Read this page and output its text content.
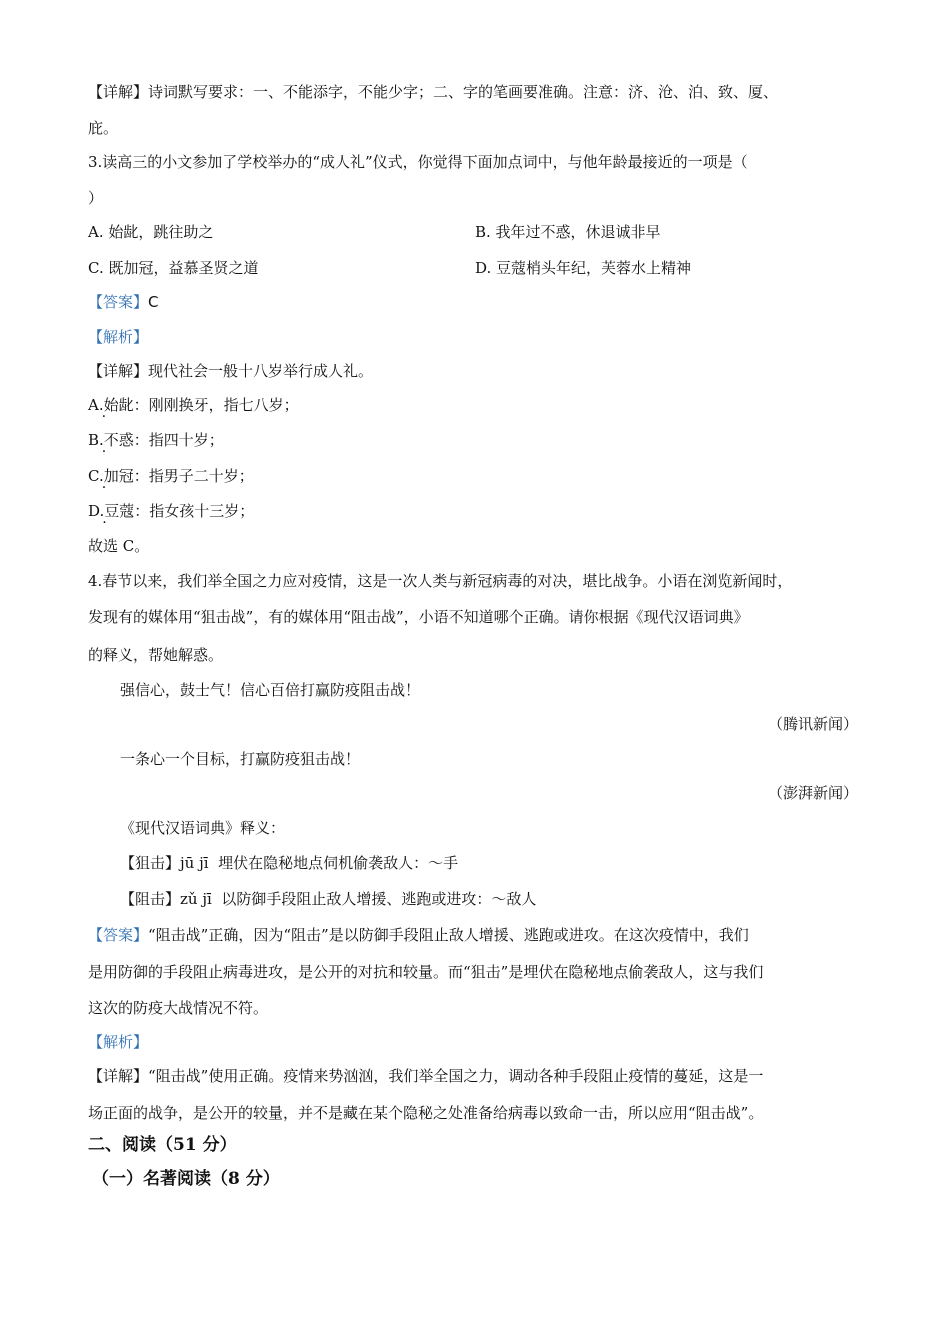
【详解】诗词默写要求：一、不能添字，不能少字；二、字的笔画要准确。注意：济、沧、泊、致、厦、
庇。
3.读高三的小文参加了学校举办的“成人礼”仪式，你觉得下面加点词中，与他年龄最接近的一项是（
）
A. 始龀，跳往助之	B. 我年过不惑，休退诚非早
C. 既加冠，益慕圣贤之道	D. 豆蔻梢头年纪，芙蓉水上精神
【答案】C
【解析】
【详解】现代社会一般十八岁举行成人礼。
A.始龀：刚刚换牙，指七八岁； .
B.不惑：指四十岁； .
C.加冠：指男子二十岁； .
D.豆蔻：指女孩十三岁； .
故选 C。
4.春节以来，我们举全国之力应对疫情，这是一次人类与新冠病毒的对决，堪比战争。小语在浏览新闻时，
发现有的媒体用“狙击战”，有的媒体用“阻击战”，小语不知道哪个正确。请你根据《现代汉语词典》
的释义，帮她解惑。
强信心，鼓士气！信心百倍打赢防疫阻击战！
（腾讯新闻）
一条心一个目标，打赢防疫狙击战！
（澎湃新闻）
《现代汉语词典》释义：
【狙击】jū jī 埋伏在隐秘地点伺机偷袭敌人：～手
【阻击】zǔ jī 以防御手段阻止敌人增援、逃跑或进攻：～敌人
【答案】“阻击战”正确，因为“阻击”是以防御手段阻止敌人增援、逃跑或进攻。在这次疫情中，我们
是用防御的手段阻止病毒进攻，是公开的对抗和较量。而“狙击”是埋伏在隐秘地点偷袭敌人，这与我们
这次的防疫大战情况不符。
【解析】
【详解】“阻击战”使用正确。疫情来势汹汹，我们举全国之力，调动各种手段阻止疫情的蔓延，这是一
场正面的战争，是公开的较量，并不是藏在某个隐秘之处准备给病毒以致命一击，所以应用“阻击战”。
二、阅读（51 分）
（一）名著阅读（8 分）
